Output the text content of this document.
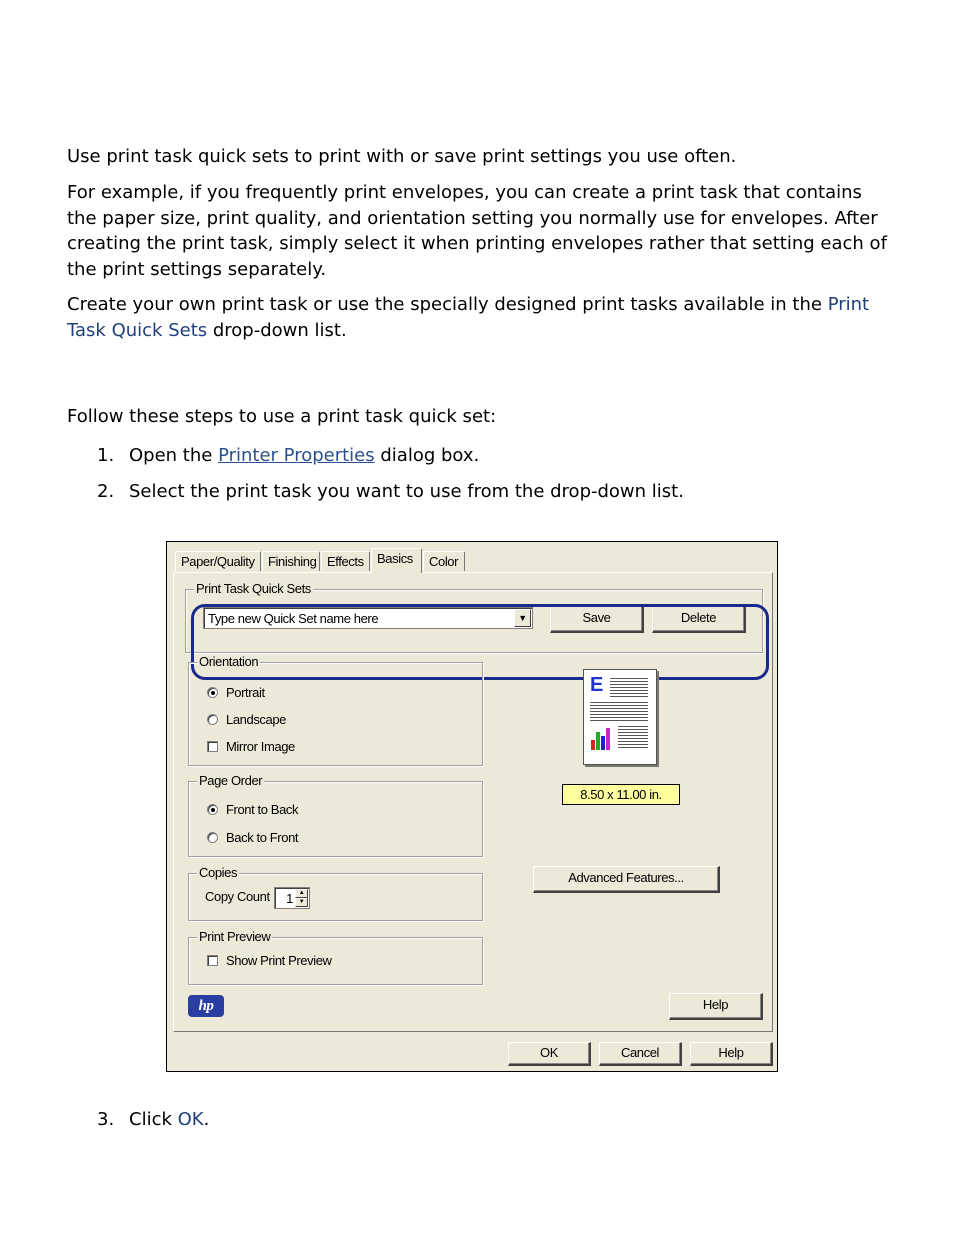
Use print task quick sets to print with or save print settings you use often.

For example, if you frequently print envelopes, you can create a print task that contains the paper size, print quality, and orientation setting you normally use for envelopes. After creating the print task, simply select it when printing envelopes rather that setting each of the print settings separately.

Create your own print task or use the specially designed print tasks available in the Print Task Quick Sets drop-down list.

Follow these steps to use a print task quick set:

1. Open the Printer Properties dialog box.
2. Select the print task you want to use from the drop-down list.
Paper/Quality	Finishing Effects	Basics	Color
Print Task Quick Sets
Type new Quick Set name here	▼	Save	Delete
Orientation
Portrait
Landscape
Mirror Image
Page Order
Front to Back
Back to Front
Copies
Copy Count 1 ▲
▼
Print Preview
Show Print Preview
E
8.50 x 11.00 in.
Advanced Features...
hp	Help
OK	Cancel	Help
3. Click OK.
